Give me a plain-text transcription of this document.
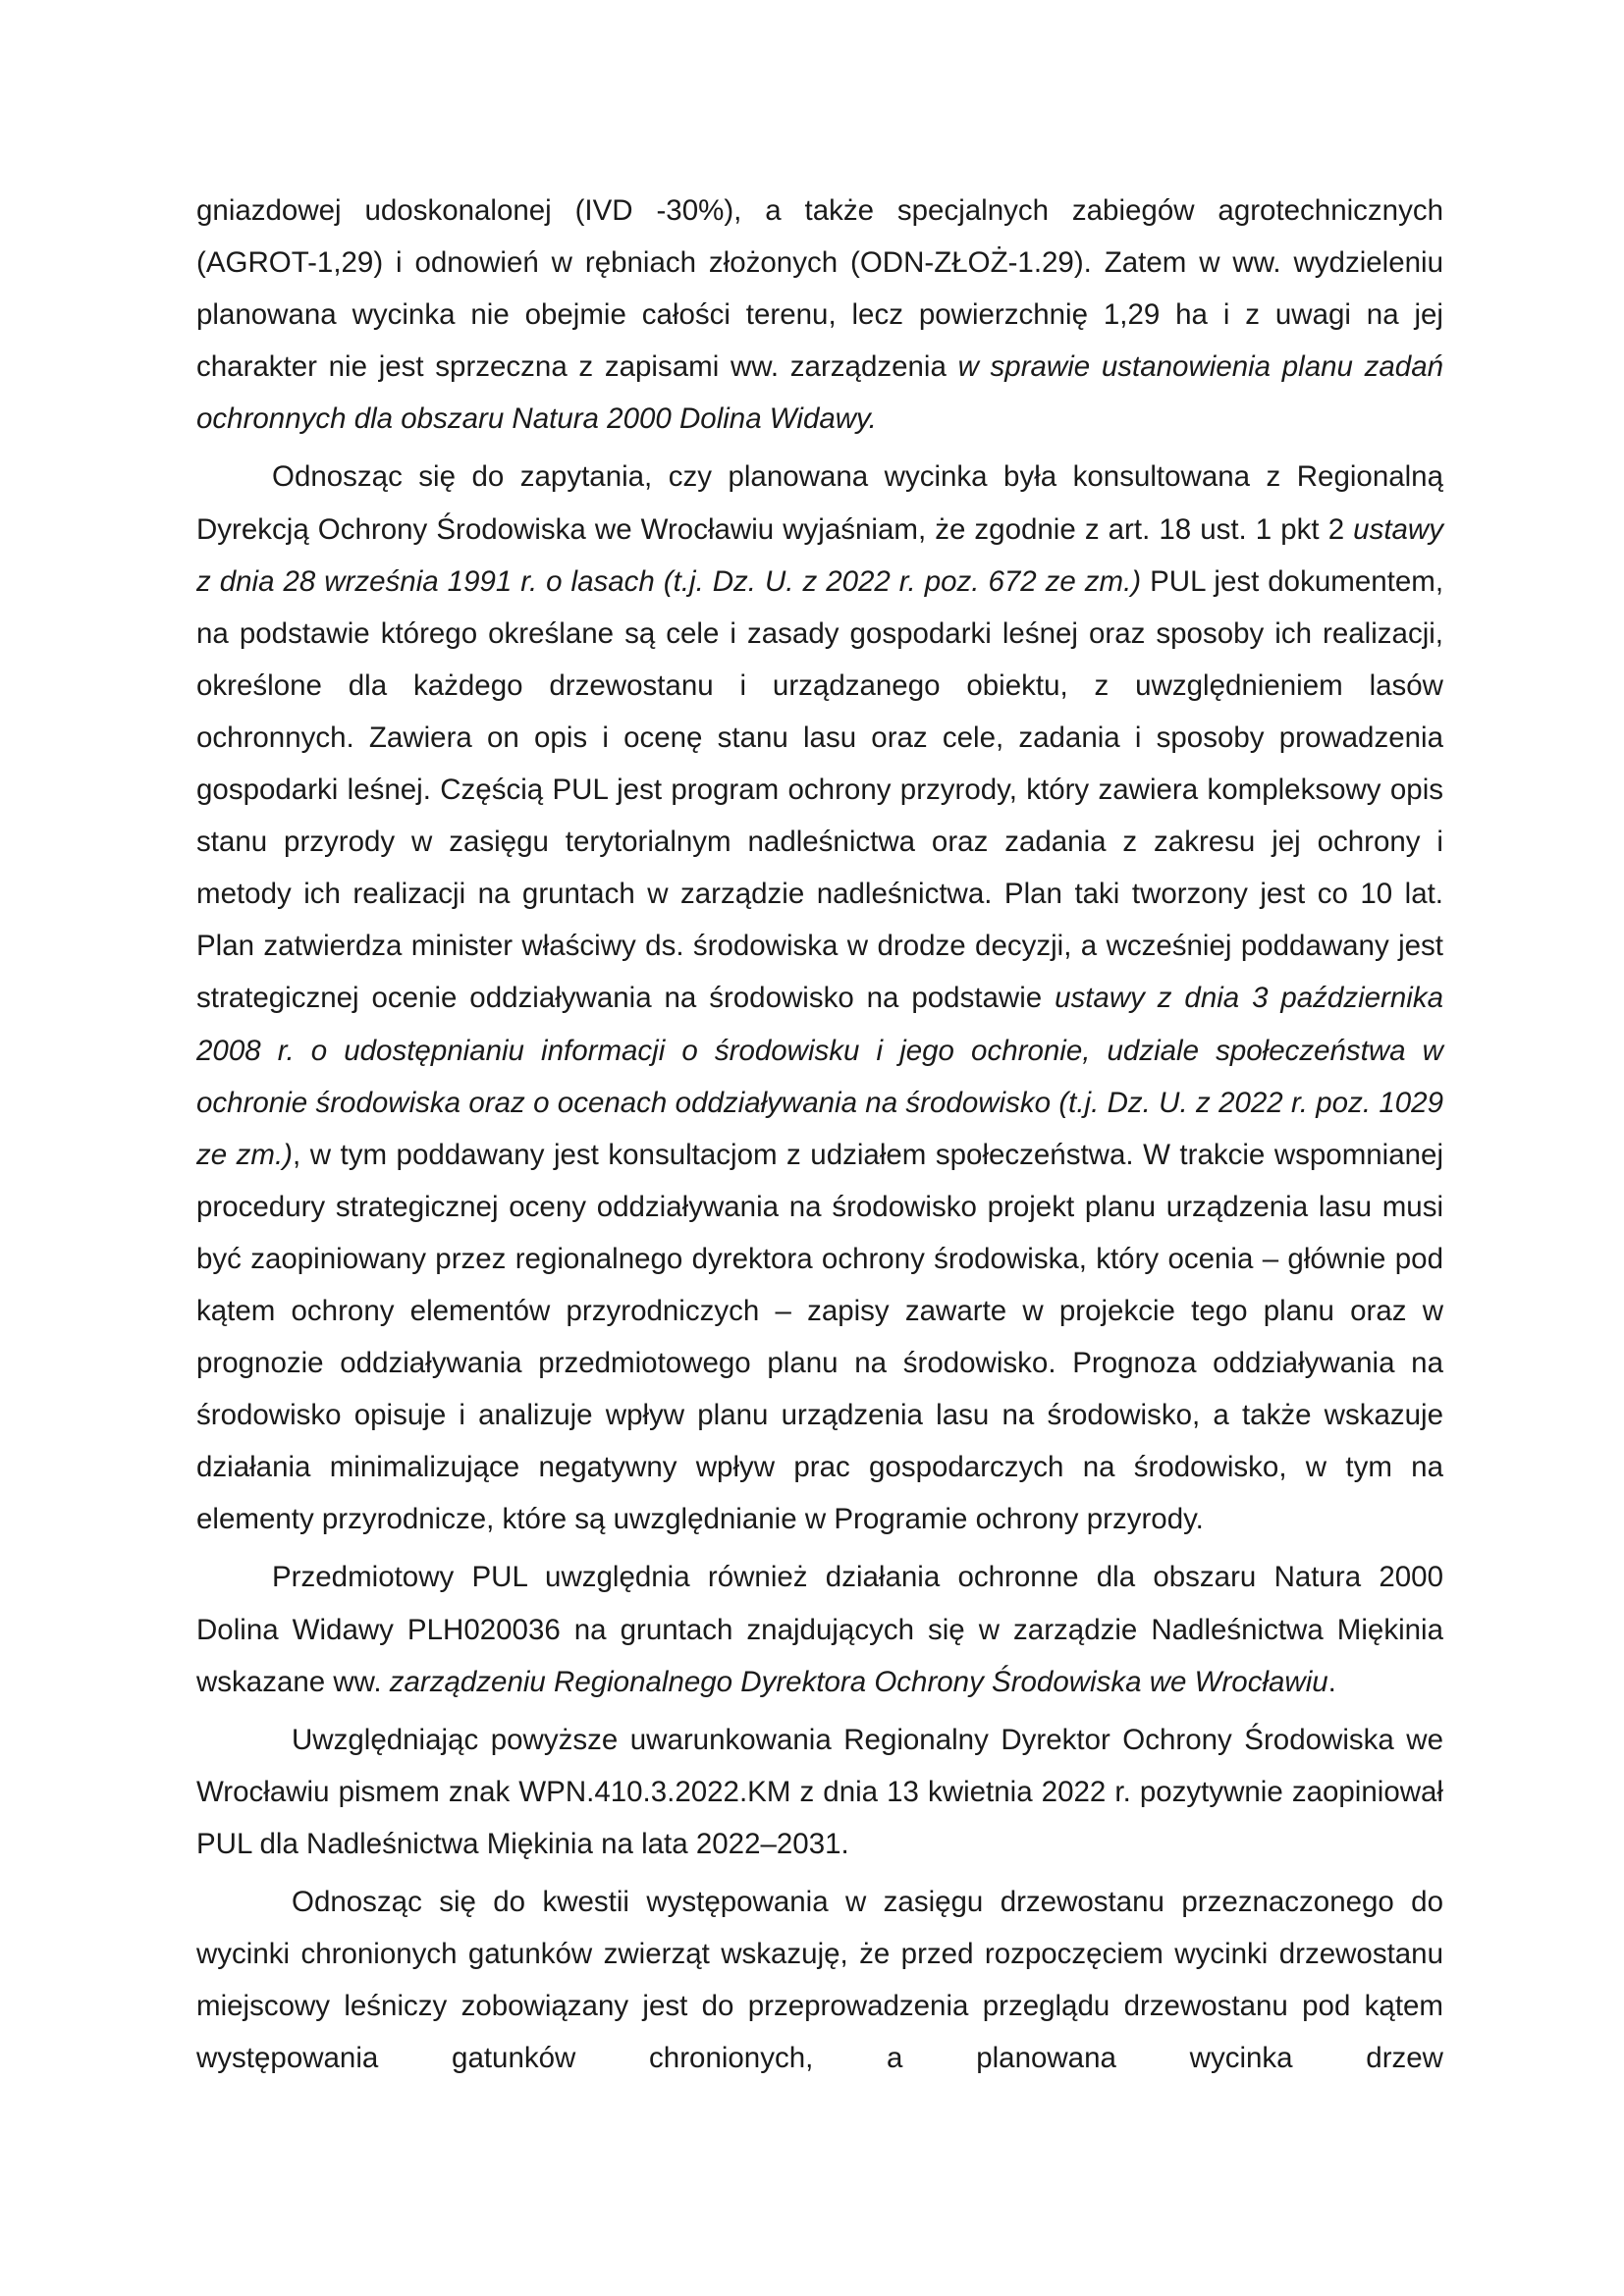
gniazdowej udoskonalonej (IVD -30%), a także specjalnych zabiegów agrotechnicznych (AGROT-1,29) i odnowień w rębniach złożonych (ODN-ZŁOŻ-1.29). Zatem w ww. wydzieleniu planowana wycinka nie obejmie całości terenu, lecz powierzchnię 1,29 ha i z uwagi na jej charakter nie jest sprzeczna z zapisami ww. zarządzenia w sprawie ustanowienia planu zadań ochronnych dla obszaru Natura 2000 Dolina Widawy.

Odnosząc się do zapytania, czy planowana wycinka była konsultowana z Regionalną Dyrekcją Ochrony Środowiska we Wrocławiu wyjaśniam, że zgodnie z art. 18 ust. 1 pkt 2 ustawy z dnia 28 września 1991 r. o lasach (t.j. Dz. U. z 2022 r. poz. 672 ze zm.) PUL jest dokumentem, na podstawie którego określane są cele i zasady gospodarki leśnej oraz sposoby ich realizacji, określone dla każdego drzewostanu i urządzanego obiektu, z uwzględnieniem lasów ochronnych. Zawiera on opis i ocenę stanu lasu oraz cele, zadania i sposoby prowadzenia gospodarki leśnej. Częścią PUL jest program ochrony przyrody, który zawiera kompleksowy opis stanu przyrody w zasięgu terytorialnym nadleśnictwa oraz zadania z zakresu jej ochrony i metody ich realizacji na gruntach w zarządzie nadleśnictwa. Plan taki tworzony jest co 10 lat. Plan zatwierdza minister właściwy ds. środowiska w drodze decyzji, a wcześniej poddawany jest strategicznej ocenie oddziaływania na środowisko na podstawie ustawy z dnia 3 października 2008 r. o udostępnianiu informacji o środowisku i jego ochronie, udziale społeczeństwa w ochronie środowiska oraz o ocenach oddziaływania na środowisko (t.j. Dz. U. z 2022 r. poz. 1029 ze zm.), w tym poddawany jest konsultacjom z udziałem społeczeństwa. W trakcie wspomnianej procedury strategicznej oceny oddziaływania na środowisko projekt planu urządzenia lasu musi być zaopiniowany przez regionalnego dyrektora ochrony środowiska, który ocenia – głównie pod kątem ochrony elementów przyrodniczych – zapisy zawarte w projekcie tego planu oraz w prognozie oddziaływania przedmiotowego planu na środowisko. Prognoza oddziaływania na środowisko opisuje i analizuje wpływ planu urządzenia lasu na środowisko, a także wskazuje działania minimalizujące negatywny wpływ prac gospodarczych na środowisko, w tym na elementy przyrodnicze, które są uwzględnianie w Programie ochrony przyrody.

Przedmiotowy PUL uwzględnia również działania ochronne dla obszaru Natura 2000 Dolina Widawy PLH020036 na gruntach znajdujących się w zarządzie Nadleśnictwa Miękinia wskazane ww. zarządzeniu Regionalnego Dyrektora Ochrony Środowiska we Wrocławiu.

Uwzględniając powyższe uwarunkowania Regionalny Dyrektor Ochrony Środowiska we Wrocławiu pismem znak WPN.410.3.2022.KM z dnia 13 kwietnia 2022 r. pozytywnie zaopiniował PUL dla Nadleśnictwa Miękinia na lata 2022–2031.

Odnosząc się do kwestii występowania w zasięgu drzewostanu przeznaczonego do wycinki chronionych gatunków zwierząt wskazuję, że przed rozpoczęciem wycinki drzewostanu miejscowy leśniczy zobowiązany jest do przeprowadzenia przeglądu drzewostanu pod kątem występowania gatunków chronionych, a planowana wycinka drzew
